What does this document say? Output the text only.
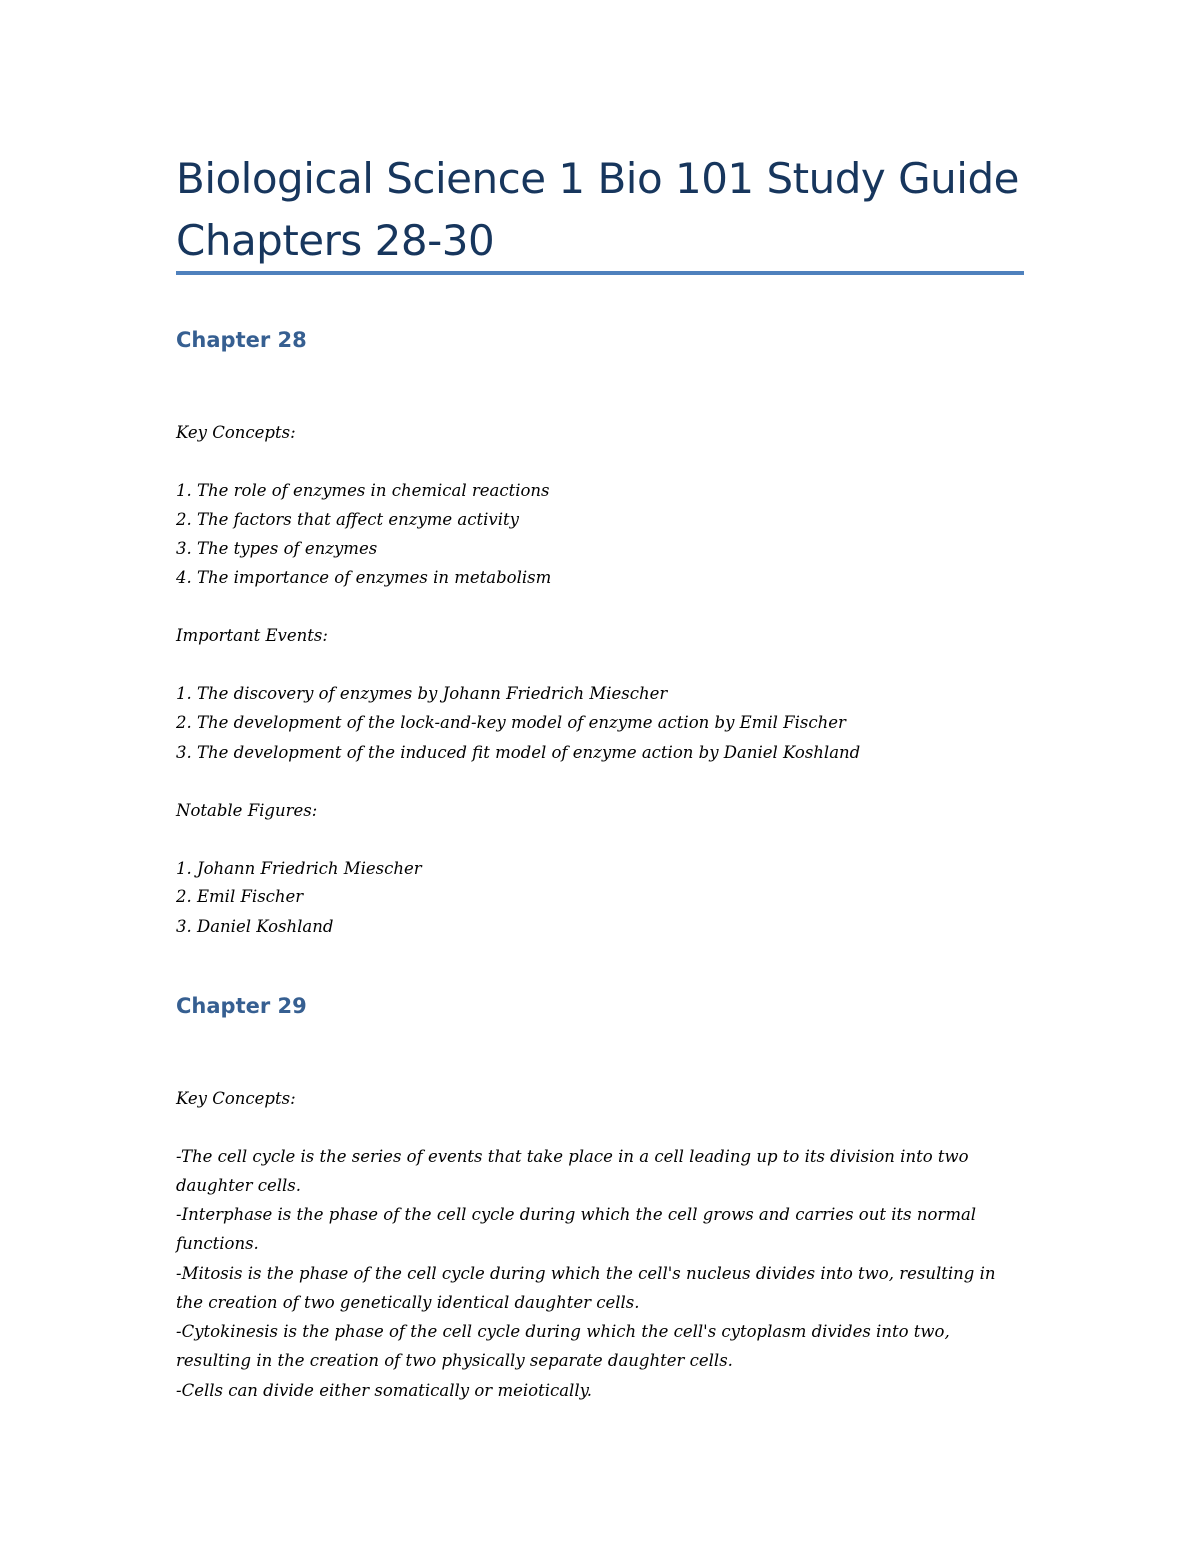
Biological Science 1 Bio 101 Study Guide Chapters 28-30
Chapter 28

Key Concepts:

1. The role of enzymes in chemical reactions

2. The factors that affect enzyme activity

3. The types of enzymes

4. The importance of enzymes in metabolism

Important Events:

1. The discovery of enzymes by Johann Friedrich Miescher

2. The development of the lock-and-key model of enzyme action by Emil Fischer

3. The development of the induced fit model of enzyme action by Daniel Koshland

Notable Figures:

1. Johann Friedrich Miescher

2. Emil Fischer

3. Daniel Koshland

Chapter 29

Key Concepts:

-The cell cycle is the series of events that take place in a cell leading up to its division into two daughter cells.

-Interphase is the phase of the cell cycle during which the cell grows and carries out its normal functions.

-Mitosis is the phase of the cell cycle during which the cell's nucleus divides into two, resulting in the creation of two genetically identical daughter cells.

-Cytokinesis is the phase of the cell cycle during which the cell's cytoplasm divides into two, resulting in the creation of two physically separate daughter cells.

-Cells can divide either somatically or meiotically.
